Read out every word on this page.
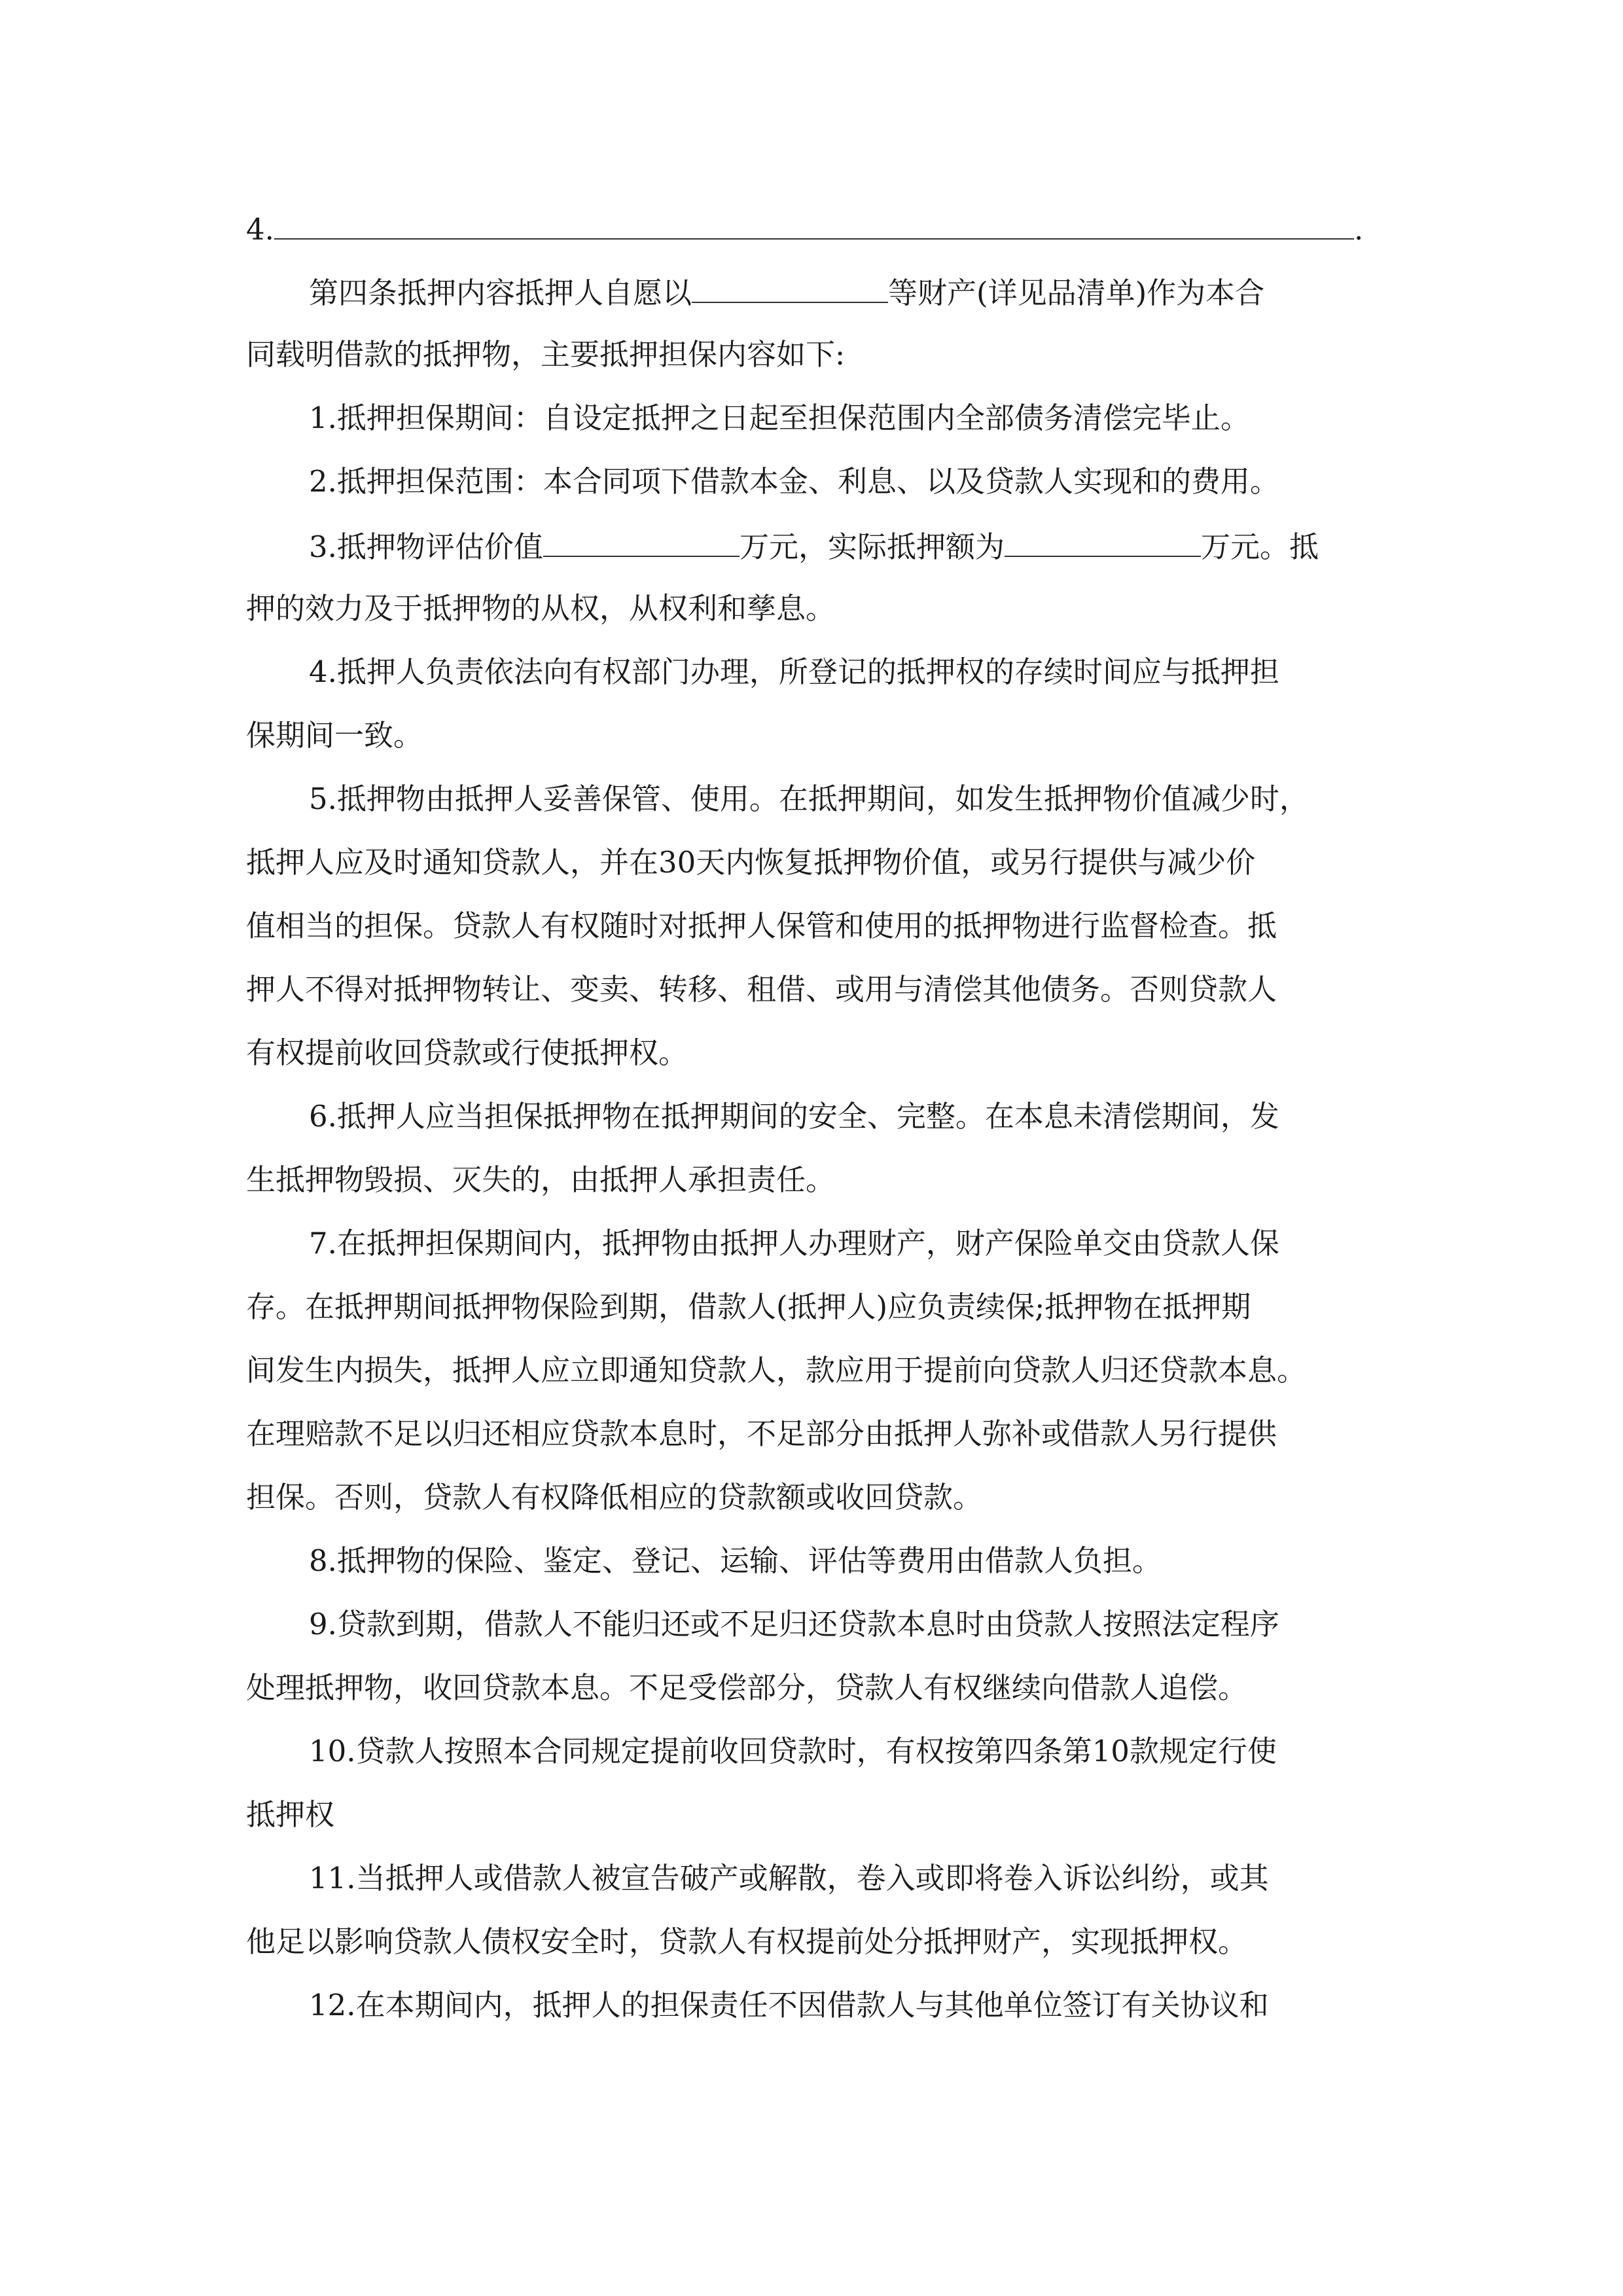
4.	.
第四条抵押内容抵押人自愿以	等财产(详见品清单)作为本合
同载明借款的抵押物，主要抵押担保内容如下:
1.抵押担保期间：自设定抵押之日起至担保范围内全部债务清偿完毕止。
2.抵押担保范围：本合同项下借款本金、利息、以及贷款人实现和的费用。
3.抵押物评估价值	万元，实际抵押额为	万元。抵
押的效力及于抵押物的从权，从权利和孳息。
4.抵押人负责依法向有权部门办理，所登记的抵押权的存续时间应与抵押担
保期间一致。
5.抵押物由抵押人妥善保管、使用。在抵押期间，如发生抵押物价值减少时，
抵押人应及时通知贷款人，并在30天内恢复抵押物价值，或另行提供与减少价
值相当的担保。贷款人有权随时对抵押人保管和使用的抵押物进行监督检查。抵
押人不得对抵押物转让、变卖、转移、租借、或用与清偿其他债务。否则贷款人
有权提前收回贷款或行使抵押权。
6.抵押人应当担保抵押物在抵押期间的安全、完整。在本息未清偿期间，发
生抵押物毁损、灭失的，由抵押人承担责任。
7.在抵押担保期间内，抵押物由抵押人办理财产，财产保险单交由贷款人保
存。在抵押期间抵押物保险到期，借款人(抵押人)应负责续保;抵押物在抵押期
间发生内损失，抵押人应立即通知贷款人，款应用于提前向贷款人归还贷款本息。
在理赔款不足以归还相应贷款本息时，不足部分由抵押人弥补或借款人另行提供
担保。否则，贷款人有权降低相应的贷款额或收回贷款。
8.抵押物的保险、鉴定、登记、运输、评估等费用由借款人负担。
9.贷款到期，借款人不能归还或不足归还贷款本息时由贷款人按照法定程序
处理抵押物，收回贷款本息。不足受偿部分，贷款人有权继续向借款人追偿。
10.贷款人按照本合同规定提前收回贷款时，有权按第四条第10款规定行使
抵押权
11.当抵押人或借款人被宣告破产或解散，卷入或即将卷入诉讼纠纷，或其
他足以影响贷款人债权安全时，贷款人有权提前处分抵押财产，实现抵押权。
12.在本期间内，抵押人的担保责任不因借款人与其他单位签订有关协议和
